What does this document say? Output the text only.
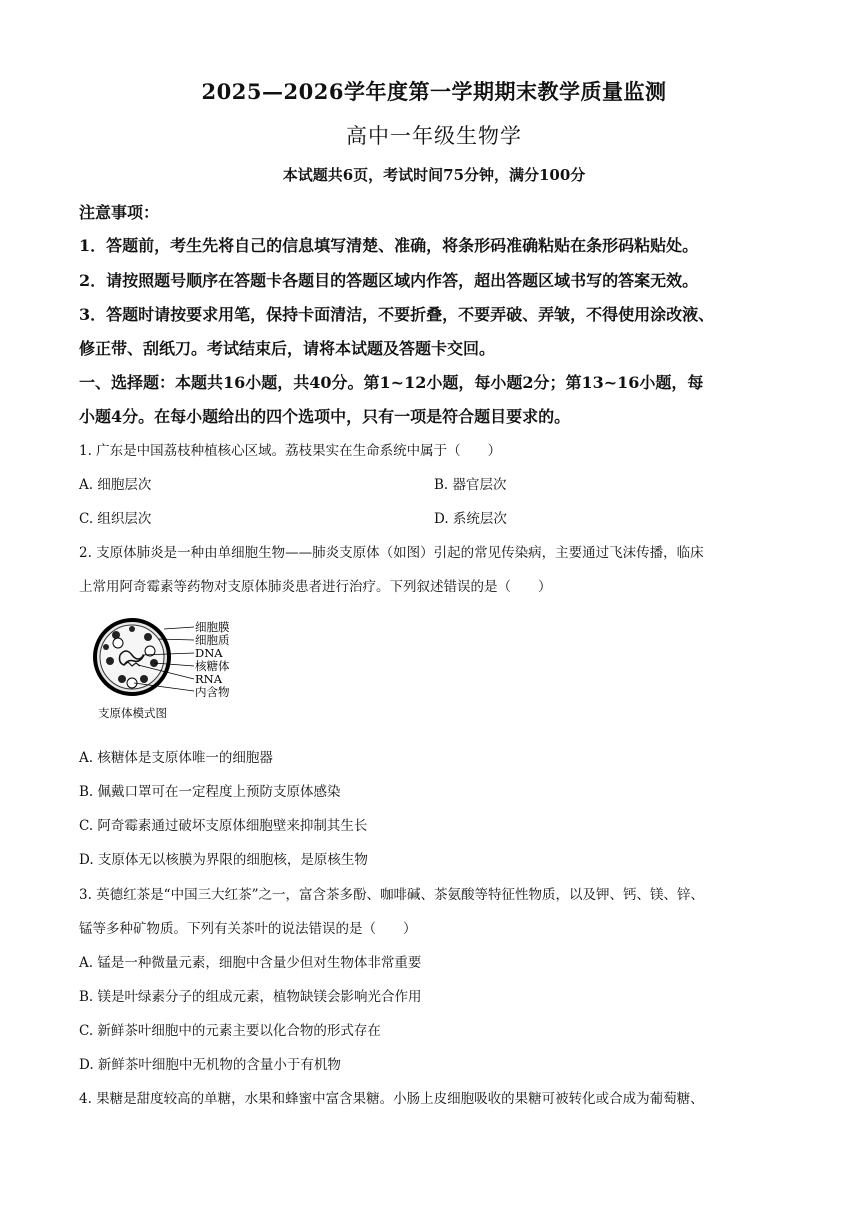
2025—2026学年度第一学期期末教学质量监测
高中一年级生物学
本试题共6页，考试时间75分钟，满分100分
注意事项：
1．答题前，考生先将自己的信息填写清楚、准确，将条形码准确粘贴在条形码粘贴处。
2．请按照题号顺序在答题卡各题目的答题区域内作答，超出答题区域书写的答案无效。
3．答题时请按要求用笔，保持卡面清洁，不要折叠，不要弄破、弄皱，不得使用涂改液、
修正带、刮纸刀。考试结束后，请将本试题及答题卡交回。
一、选择题：本题共16小题，共40分。第1~12小题，每小题2分；第13~16小题，每
小题4分。在每小题给出的四个选项中，只有一项是符合题目要求的。
1. 广东是中国荔枝种植核心区域。荔枝果实在生命系统中属于（　　）
A. 细胞层次	B. 器官层次
C. 组织层次	D. 系统层次
2. 支原体肺炎是一种由单细胞生物——肺炎支原体（如图）引起的常见传染病，主要通过飞沫传播，临床
上常用阿奇霉素等药物对支原体肺炎患者进行治疗。下列叙述错误的是（　　）
细胞膜
细胞质
DNA
核糖体
RNA
内含物
支原体模式图
A. 核糖体是支原体唯一的细胞器
B. 佩戴口罩可在一定程度上预防支原体感染
C. 阿奇霉素通过破坏支原体细胞壁来抑制其生长
D. 支原体无以核膜为界限的细胞核，是原核生物
3. 英德红茶是“中国三大红茶”之一，富含茶多酚、咖啡碱、茶氨酸等特征性物质，以及钾、钙、镁、锌、
锰等多种矿物质。下列有关茶叶的说法错误的是（　　）
A. 锰是一种微量元素，细胞中含量少但对生物体非常重要
B. 镁是叶绿素分子的组成元素，植物缺镁会影响光合作用
C. 新鲜茶叶细胞中的元素主要以化合物的形式存在
D. 新鲜茶叶细胞中无机物的含量小于有机物
4. 果糖是甜度较高的单糖，水果和蜂蜜中富含果糖。小肠上皮细胞吸收的果糖可被转化或合成为葡萄糖、
